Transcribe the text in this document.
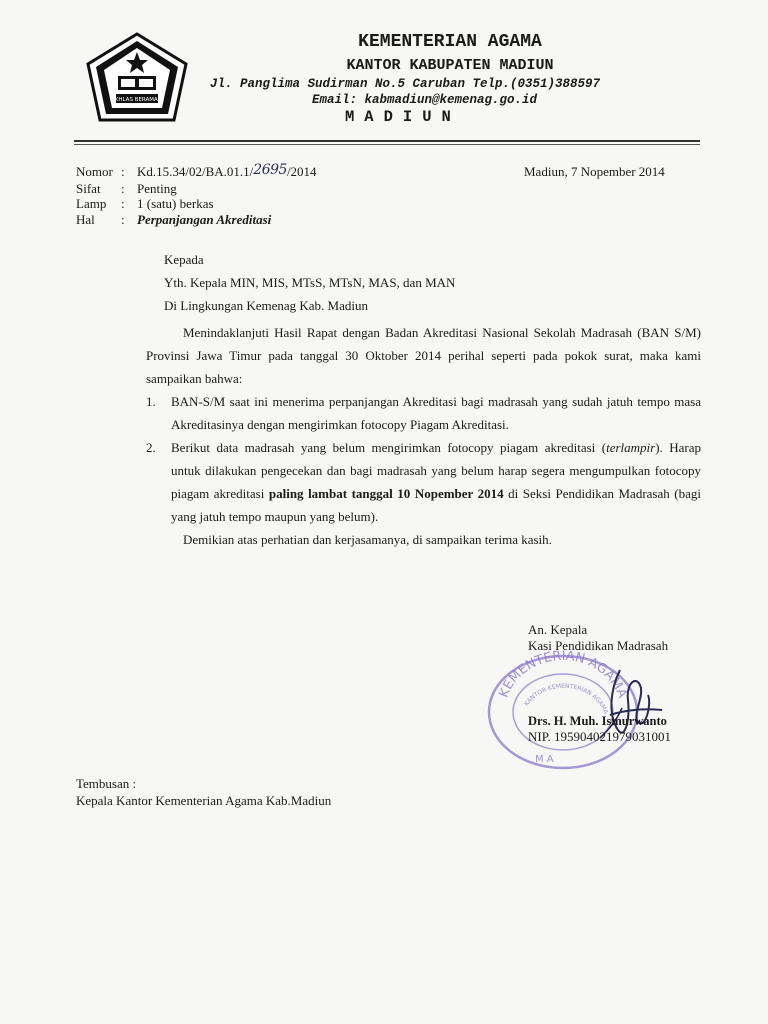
IKHLAS BERAMAL
KEMENTERIAN AGAMA
KANTOR KABUPATEN MADIUN
Jl. Panglima Sudirman No.5 Caruban Telp.(0351)388597
Email: kabmadiun@kemenag.go.id
MADIUN
Nomor : Kd.15.34/02/BA.01.1/2695/2014
Sifat	: Penting
Lamp	: 1 (satu) berkas
Hal	: Perpanjangan Akreditasi
Madiun, 7 Nopember 2014
Kepada
Yth. Kepala MIN, MIS, MTsS, MTsN, MAS, dan MAN
Di Lingkungan Kemenag Kab. Madiun
Menindaklanjuti Hasil Rapat dengan Badan Akreditasi Nasional Sekolah Madrasah (BAN S/M) Provinsi Jawa Timur pada tanggal 30 Oktober 2014 perihal seperti pada pokok surat, maka kami sampaikan bahwa:
1.	BAN-S/M saat ini menerima perpanjangan Akreditasi bagi madrasah yang sudah jatuh tempo masa Akreditasinya dengan mengirimkan fotocopy Piagam Akreditasi.
2.	Berikut data madrasah yang belum mengirimkan fotocopy piagam akreditasi (terlampir). Harap untuk dilakukan pengecekan dan bagi madrasah yang belum harap segera mengumpulkan fotocopy piagam akreditasi paling lambat tanggal 10 Nopember 2014 di Seksi Pendidikan Madrasah (bagi yang jatuh tempo maupun yang belum).
Demikian atas perhatian dan kerjasamanya, di sampaikan terima kasih.
KEMENTERIAN AGAMA
KANTOR KEMENTERIAN AGAMA
M A
An. Kepala
Kasi Pendidikan Madrasah
Drs. H. Muh. Ismurwanto
NIP. 195904021979031001
Tembusan :
Kepala Kantor Kementerian Agama Kab.Madiun
